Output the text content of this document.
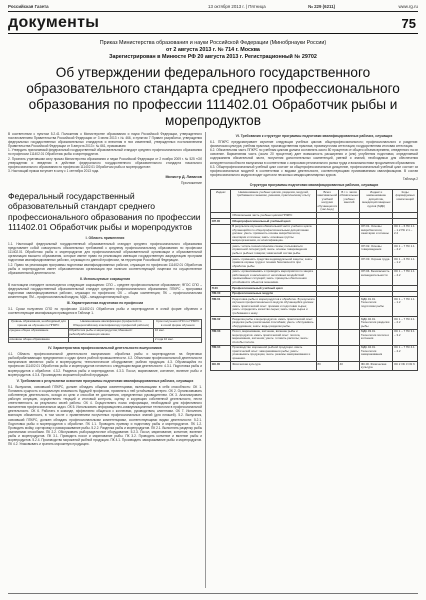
Российская Газета	13 октября 2013 г. | Пятница	№ 229 (6211)	www.rg.ru
документы	75
Приказ Министерства образования и науки Российской Федерации (Минобрнауки России)
от 2 августа 2013 г. № 714 г. Москва
Зарегистрирован в Минюсте РФ 20 августа 2013 г. Регистрационный № 29702
Об утверждении федерального государственного образовательного стандарта среднего профессионального образования по профессии 111402.01 Обработчик рыбы и морепродуктов
В соответствии с пунктом 5.2.41 Положения о Министерстве образования и науки Российской Федерации, утвержденного постановлением Правительства Российской Федерации от 3 июня 2013 г. № 466, и пунктом 7 Правил разработки, утверждения федеральных государственных образовательных стандартов и внесения в них изменений, утвержденных постановлением Правительства Российской Федерации от 5 августа 2013 г. № 661, приказываю:
1. Утвердить прилагаемый федеральный государственный образовательный стандарт среднего профессионального образования по профессии 111402.01 Обработчик рыбы и морепродуктов.
2. Признать утратившим силу приказ Министерства образования и науки Российской Федерации от 2 ноября 2009 г. № 525 «Об утверждении и введении в действие федерального государственного образовательного стандарта начального профессионального образования по профессии 111402.01 Обработчик рыбы и морепродуктов».
3. Настоящий приказ вступает в силу с 1 сентября 2013 года.
Министр Д. Ливанов
Приложение
Федеральный государственный образовательный стандарт среднего профессионального образования по профессии 111402.01 Обработчик рыбы и морепродуктов
I. Область применения
1.1. Настоящий федеральный государственный образовательный стандарт среднего профессионального образования представляет собой совокупность обязательных требований к среднему профессиональному образованию по профессии 111402.01 Обработчик рыбы и морепродуктов для профессиональной образовательной организации и образовательной организации высшего образования, которые имеют право на реализацию имеющих государственную аккредитацию программ подготовки квалифицированных рабочих, служащих по данной профессии, на территории Российской Федерации.
1.2. Право на реализацию программы подготовки квалифицированных рабочих, служащих по профессии 111402.01 Обработчик рыбы и морепродуктов имеет образовательная организация при наличии соответствующей лицензии на осуществление образовательной деятельности.
II. Используемые сокращения
В настоящем стандарте используются следующие сокращения: СПО – среднее профессиональное образование; ФГОС СПО – федеральный государственный образовательный стандарт среднего профессионального образования; ППКРС – программа подготовки квалифицированных рабочих, служащих по профессии; ОК – общая компетенция; ПК – профессиональная компетенция; ПМ – профессиональный модуль; МДК – междисциплинарный курс.
III. Характеристика подготовки по профессии
3.1. Сроки получения СПО по профессии 111402.01 Обработчик рыбы и морепродуктов в очной форме обучения и соответствующие квалификации приводятся в Таблице 1.
Уровень образования, необходимый для приема на обучение по ППКРС	Наименование квалификации (профессий по Общероссийскому классификатору профессий рабочих)	Срок получения СПО по ППКРС в очной форме обучения
среднее общее образование	Обработчик рыбы и морепродуктов; Машинист рыбообрабатывающих машин	10 мес.
основное общее образование		2 года 10 мес.
IV. Характеристика профессиональной деятельности выпускников
4.1. Область профессиональной деятельности выпускников: обработка рыбы и морепродуктов на береговых рыбообрабатывающих предприятиях и судах флота рыбной промышленности. 4.2. Объектами профессиональной деятельности выпускников являются: рыба и морепродукты; технологическое оборудование; рыбная продукция. 4.3. Обучающийся по профессии 111402.01 Обработчик рыбы и морепродуктов готовится к следующим видам деятельности: 4.3.1. Подготовка рыбы и морепродуктов к обработке. 4.3.2. Разделка рыбы и морепродуктов. 4.3.3. Посол, маринование, копчение, вяление рыбы и морепродуктов. 4.3.4. Производство мороженой рыбной продукции.
V. Требования к результатам освоения программы подготовки квалифицированных рабочих, служащих
5.1. Выпускник, освоивший ППКРС, должен обладать общими компетенциями, включающими в себя способность: ОК 1. Понимать сущность и социальную значимость будущей профессии, проявлять к ней устойчивый интерес. ОК 2. Организовывать собственную деятельность, исходя из цели и способов ее достижения, определенных руководителем. ОК 3. Анализировать рабочую ситуацию, осуществлять текущий и итоговый контроль, оценку и коррекцию собственной деятельности, нести ответственность за результаты своей работы. ОК 4. Осуществлять поиск информации, необходимой для эффективного выполнения профессиональных задач. ОК 5. Использовать информационно-коммуникационные технологии в профессиональной деятельности. ОК 6. Работать в команде, эффективно общаться с коллегами, руководством, клиентами. ОК 7. Исполнять воинскую обязанность, в том числе с применением полученных профессиональных знаний (для юношей). 5.2. Выпускник, освоивший ППКРС, должен обладать профессиональными компетенциями, соответствующими видам деятельности: 5.2.1. Подготовка рыбы и морепродуктов к обработке. ПК 1.1. Проводить приемку и подготовку рыбы и морепродуктов. ПК 1.2. Проводить мойку, сортировку и размораживание рыбы. 5.2.2. Разделка рыбы и морепродуктов. ПК 2.1. Выполнять разделку рыбы различными способами. ПК 2.2. Обслуживать рыборазделочное оборудование. 5.2.3. Посол, маринование, копчение, вяление рыбы и морепродуктов. ПК 3.1. Проводить посол и маринование рыбы. ПК 3.2. Проводить копчение и вяление рыбы и морепродуктов. 5.2.4. Производство мороженой рыбной продукции. ПК 4.1. Производить замораживание рыбы и морепродуктов. ПК 4.2. Упаковывать и хранить мороженую продукцию.
VI. Требования к структуре программы подготовки квалифицированных рабочих, служащих
6.1. ППКРС предусматривает изучение следующих учебных циклов: общепрофессионального; профессионального и разделов: физическая культура; учебная практика; производственная практика; промежуточная аттестация; государственная итоговая аттестация.
6.2. Обязательная часть ППКРС по учебным циклам должна составлять около 80 процентов от общего объема времени, отведенного на их освоение. Вариативная часть (около 20 процентов) дает возможность расширения и (или) углубления подготовки, определяемой содержанием обязательной части, получения дополнительных компетенций, умений и знаний, необходимых для обеспечения конкурентоспособности выпускника в соответствии с запросами регионального рынка труда и возможностями продолжения образования.
6.3. Общепрофессиональный учебный цикл состоит из общепрофессиональных дисциплин, профессиональный учебный цикл состоит из профессиональных модулей в соответствии с видами деятельности, соответствующими присваиваемым квалификациям. В состав профессионального модуля входит один или несколько междисциплинарных курсов.
Таблица 2
Структура программы подготовки квалифицированных рабочих, служащих
Индекс	Наименование учебных циклов, разделов, модулей, требования к знаниям, умениям, практическому опыту	Всего максимальной учебной нагрузки обучающегося (час./нед.)	В т.ч. часов обязательных учебных занятий	Индекс и наименование дисциплин, междисциплинарных курсов (МДК)	Коды формируемых компетенций
	Обязательная часть учебных циклов ППКРС				
ОП.00	Общепрофессиональный учебный цикл				
	В результате изучения обязательной части учебного цикла обучающийся по общепрофессиональным дисциплинам должен: уметь: применять основы микробиологии, санитарии и гигиены; знать: основные группы микроорганизмов, их классификацию.			ОП.01. Основы микробиологии, санитарии и гигиены	ОК 1 – 6 ПК 1.1 – 1.2 ПК 2.1 – 2.2
	уметь: читать технологические схемы; пользоваться справочной литературой; знать: основы товароведения рыбы и рыбных товаров; химический состав рыбы.			ОП.02. Основы товароведения	ОК 1 – 7 ПК 1.1 – 4.2
	уметь: применять средства индивидуальной защиты; знать: правила охраны труда и техники безопасности при обработке рыбы.			ОП.03. Охрана труда	ОК 1 – 6 ПК 1.1 – 1.2
	уметь: организовывать и проводить мероприятия по защите работающих и населения от негативных воздействий чрезвычайных ситуаций; знать: принципы обеспечения устойчивости объектов экономики.			ОП.04. Безопасность жизнедеятельности	ОК 1 – 7 ПК 1.1 – 4.2
П.00	Профессиональный учебный цикл				
ПМ.00	Профессиональные модули				
ПМ.01	Подготовка рыбы и морепродуктов к обработке. В результате изучения профессионального модуля обучающийся должен: иметь практический опыт: приемки и подготовки сырья; уметь: определять качество сырья; знать: виды сырья и требования к нему.			МДК.01.01. Технология подготовки рыбы	ОК 1 – 7 ПК 1.1 – 1.2
ПМ.02	Разделка рыбы и морепродуктов. иметь практический опыт: разделки рыбы различными способами; уметь: обслуживать оборудование; знать: виды разделки рыбы.			МДК.02.01. Технология разделки рыбы	ОК 1 – 7 ПК 2.1 – 2.2
ПМ.03	Посол, маринование, копчение, вяление рыбы и морепродуктов. иметь практический опыт: посола, маринования, копчения; уметь: готовить рассолы; знать: способы посола.			МДК.03.01. Технология посола и копчения	ОК 1 – 7 ПК 3.1 – 3.2
ПМ.04	Производство мороженой рыбной продукции. иметь практический опыт: замораживания рыбы; уметь: упаковывать продукцию; знать: режимы замораживания и хранения.			МДК.04.01. Технология замораживания	ОК 1 – 7 ПК 4.1 – 4.2
ФК.00	Физическая культура	80	40	ФК.00. Физическая культура	ОК 2 ОК 3 ОК 6
